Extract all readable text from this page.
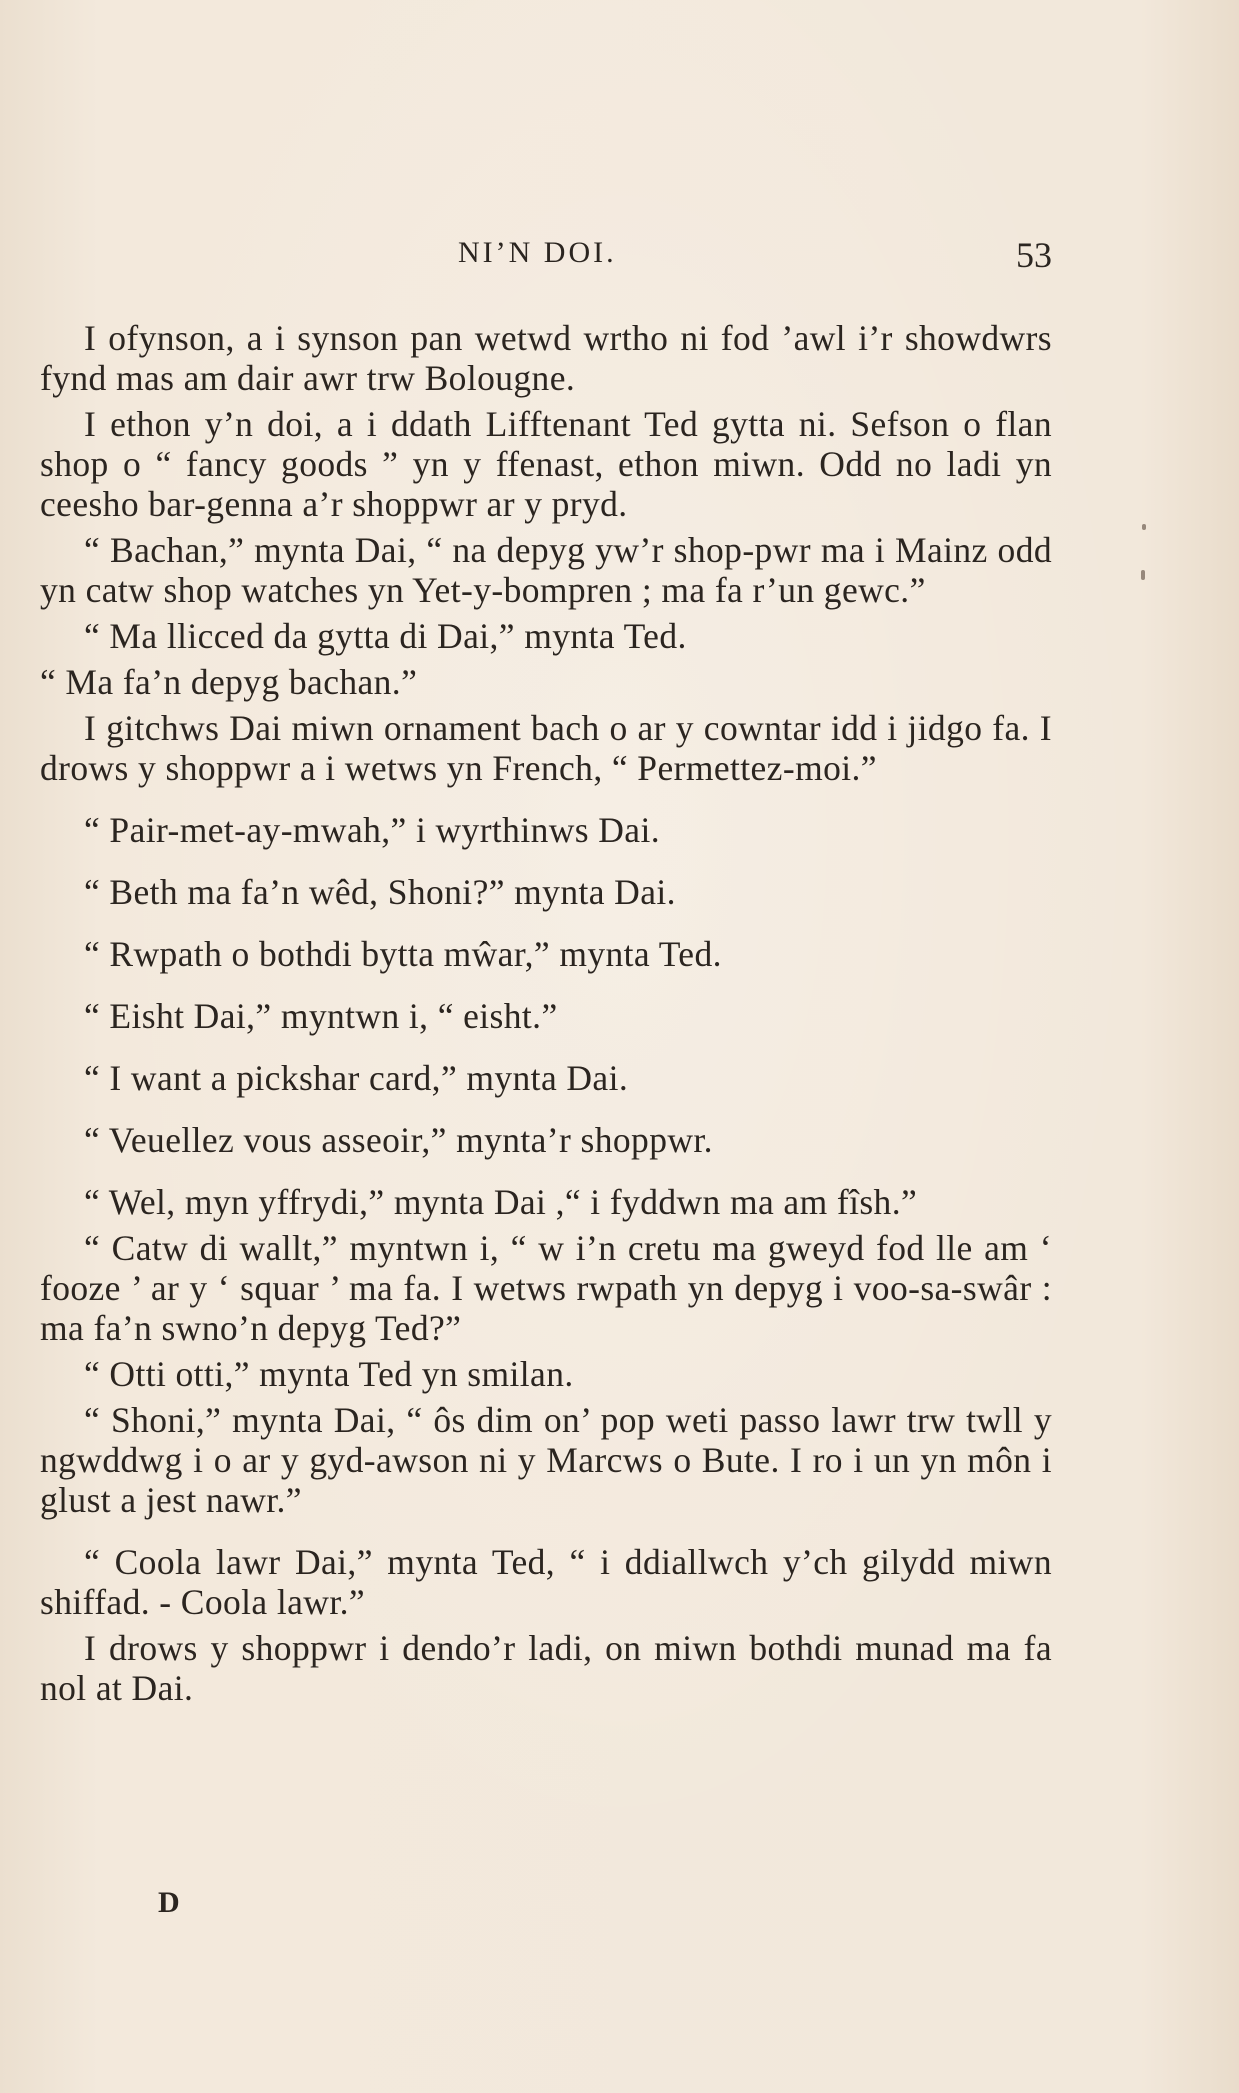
NI’N DOI.	53

I ofynson, a i synson pan wetwd wrtho ni fod ’awl i’r showdwrs fynd mas am dair awr trw Bolougne.

I ethon y’n doi, a i ddath Lifftenant Ted gytta ni. Sefson o flan shop o “ fancy goods ” yn y ffenast, ethon miwn. Odd no ladi yn ceesho bar-genna a’r shoppwr ar y pryd.

“ Bachan,” mynta Dai, “ na depyg yw’r shop-pwr ma i Mainz odd yn catw shop watches yn Yet-y-bompren ; ma fa r’un gewc.”

“ Ma llicced da gytta di Dai,” mynta Ted.

“ Ma fa’n depyg bachan.”

I gitchws Dai miwn ornament bach o ar y cowntar idd i jidgo fa. I drows y shoppwr a i wetws yn French, “ Permettez-moi.”

“ Pair-met-ay-mwah,” i wyrthinws Dai.

“ Beth ma fa’n wêd, Shoni?” mynta Dai.

“ Rwpath o bothdi bytta mŵar,” mynta Ted.

“ Eisht Dai,” myntwn i, “ eisht.”

“ I want a pickshar card,” mynta Dai.

“ Veuellez vous asseoir,” mynta’r shoppwr.

“ Wel, myn yffrydi,” mynta Dai ,“ i fyddwn ma am fîsh.”

“ Catw di wallt,” myntwn i, “ w i’n cretu ma gweyd fod lle am ‘ fooze ’ ar y ‘ squar ’ ma fa. I wetws rwpath yn depyg i voo-sa-swâr : ma fa’n swno’n depyg Ted?”

“ Otti otti,” mynta Ted yn smilan.

“ Shoni,” mynta Dai, “ ôs dim on’ pop weti passo lawr trw twll y ngwddwg i o ar y gyd-awson ni y Marcws o Bute. I ro i un yn môn i glust a jest nawr.”

“ Coola lawr Dai,” mynta Ted, “ i ddiallwch y’ch gilydd miwn shiffad. - Coola lawr.”

I drows y shoppwr i dendo’r ladi, on miwn bothdi munad ma fa nol at Dai.

D
